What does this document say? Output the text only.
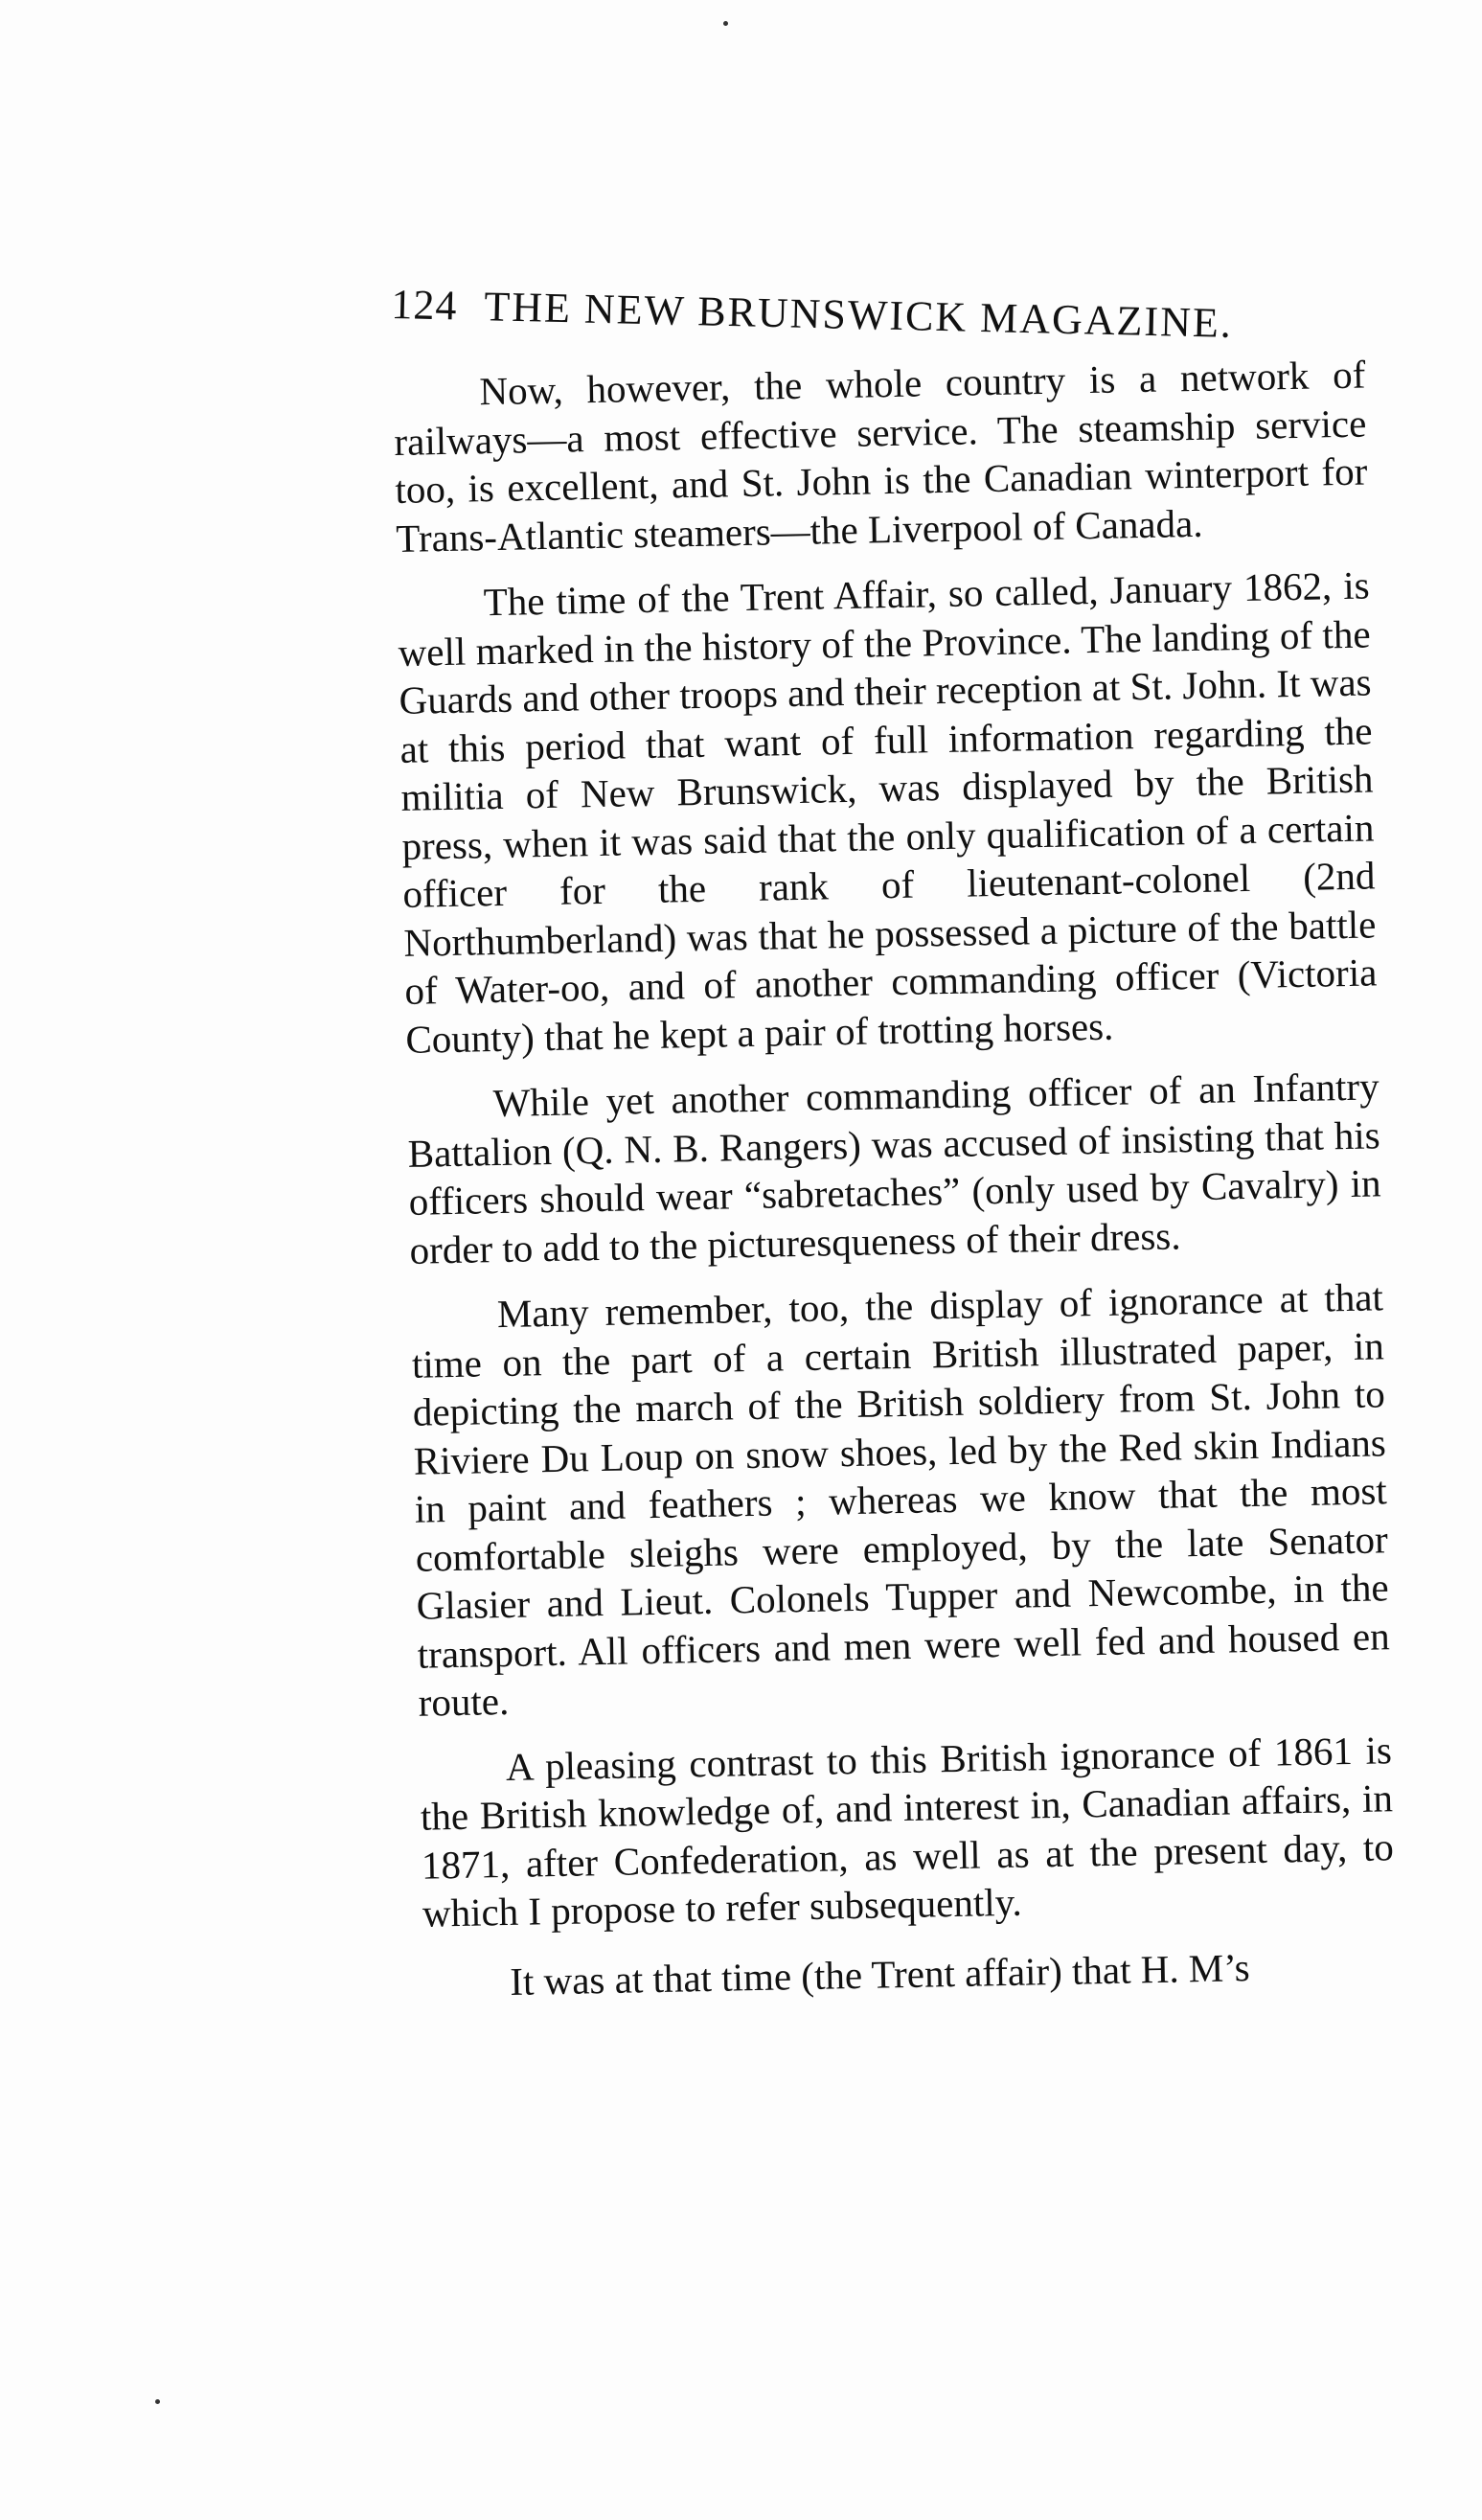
124 THE NEW BRUNSWICK MAGAZINE.

Now, however, the whole country is a network of railways—a most effective service. The steamship service too, is excellent, and St. John is the Canadian winterport for Trans-Atlantic steamers—the Liverpool of Canada.

The time of the Trent Affair, so called, January 1862, is well marked in the history of the Province. The landing of the Guards and other troops and their reception at St. John. It was at this period that want of full information regarding the militia of New Brunswick, was displayed by the British press, when it was said that the only qualification of a certain officer for the rank of lieutenant-colonel (2nd Northumberland) was that he possessed a picture of the battle of Water-oo, and of another commanding officer (Victoria County) that he kept a pair of trotting horses.

While yet another commanding officer of an Infantry Battalion (Q. N. B. Rangers) was accused of insisting that his officers should wear “sabretaches” (only used by Cavalry) in order to add to the picturesqueness of their dress.

Many remember, too, the display of ignorance at that time on the part of a certain British illustrated paper, in depicting the march of the British soldiery from St. John to Riviere Du Loup on snow shoes, led by the Red skin Indians in paint and feathers ; whereas we know that the most comfortable sleighs were employed, by the late Senator Glasier and Lieut. Colonels Tupper and Newcombe, in the transport. All officers and men were well fed and housed en route.

A pleasing contrast to this British ignorance of 1861 is the British knowledge of, and interest in, Canadian affairs, in 1871, after Confederation, as well as at the present day, to which I propose to refer subsequently.

It was at that time (the Trent affair) that H. M’s
